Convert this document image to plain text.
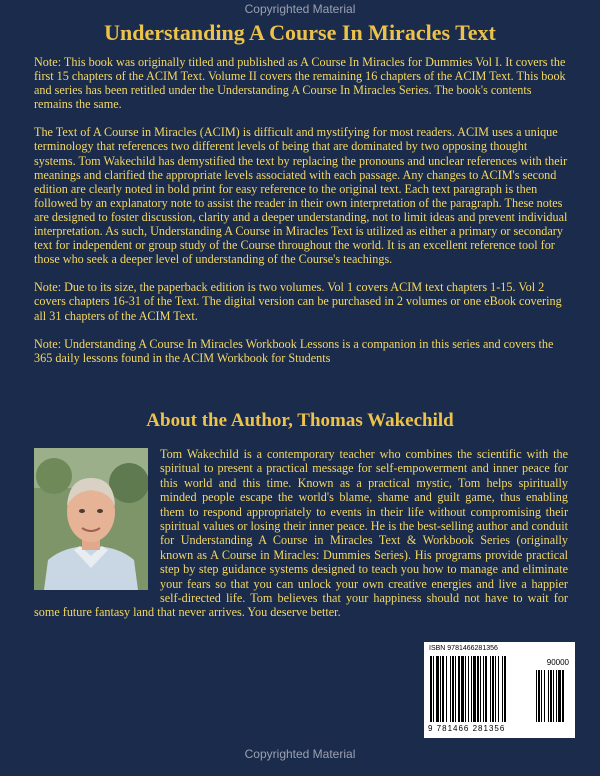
Copyrighted Material
Understanding A Course In Miracles Text

Note: This book was originally titled and published as A Course In Miracles for Dummies Vol I. It covers the first 15 chapters of the ACIM Text. Volume II covers the remaining 16 chapters of the ACIM Text. This book and series has been retitled under the Understanding A Course In Miracles Series. The book's contents remains the same.

The Text of A Course in Miracles (ACIM) is difficult and mystifying for most readers. ACIM uses a unique terminology that references two different levels of being that are dominated by two opposing thought systems. Tom Wakechild has demystified the text by replacing the pronouns and unclear references with their meanings and clarified the appropriate levels associated with each passage. Any changes to ACIM's second edition are clearly noted in bold print for easy reference to the original text. Each text paragraph is then followed by an explanatory note to assist the reader in their own interpretation of the paragraph. These notes are designed to foster discussion, clarity and a deeper understanding, not to limit ideas and prevent individual interpretation. As such, Understanding A Course in Miracles Text is utilized as either a primary or secondary text for independent or group study of the Course throughout the world. It is an excellent reference tool for those who seek a deeper level of understanding of the Course's teachings.

Note: Due to its size, the paperback edition is two volumes. Vol 1 covers ACIM text chapters 1-15. Vol 2 covers chapters 16-31 of the Text. The digital version can be purchased in 2 volumes or one eBook covering all 31 chapters of the ACIM Text.

Note: Understanding A Course In Miracles Workbook Lessons is a companion in this series and covers the 365 daily lessons found in the ACIM Workbook for Students

About the Author, Thomas Wakechild
Tom Wakechild is a contemporary teacher who combines the scientific with the spiritual to present a practical message for self-empowerment and inner peace for this world and this time. Known as a practical mystic, Tom helps spiritually minded people escape the world's blame, shame and guilt game, thus enabling them to respond appropriately to events in their life without compromising their spiritual values or losing their inner peace. He is the best-selling author and conduit for Understanding A Course in Miracles Text & Workbook Series (originally known as A Course in Miracles: Dummies Series). His programs provide practical step by step guidance systems designed to teach you how to manage and eliminate your fears so that you can unlock your own creative energies and live a happier self-directed life. Tom believes that your happiness should not have to wait for some future fantasy land that never arrives. You deserve better.
ISBN 9781466281356
90000
9 781466 281356
Copyrighted Material
